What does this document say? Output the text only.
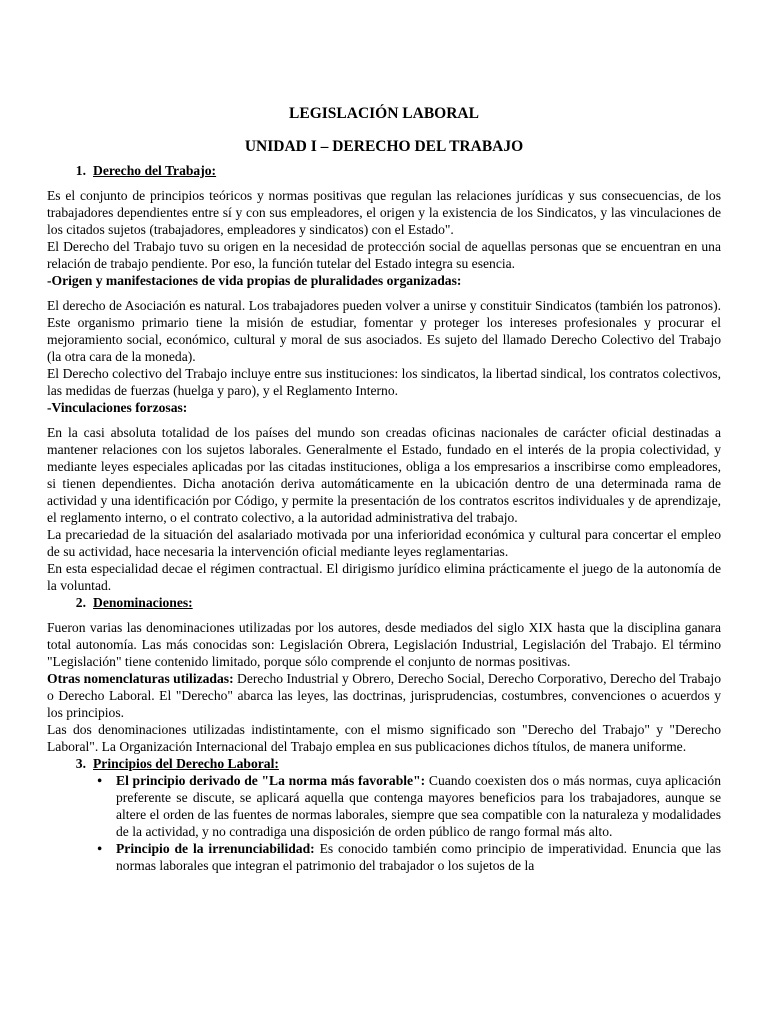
LEGISLACIÓN LABORAL
UNIDAD I – DERECHO DEL TRABAJO
1. Derecho del Trabajo:

Es el conjunto de principios teóricos y normas positivas que regulan las relaciones jurídicas y sus consecuencias, de los trabajadores dependientes entre sí y con sus empleadores, el origen y la existencia de los Sindicatos, y las vinculaciones de los citados sujetos (trabajadores, empleadores y sindicatos) con el Estado".

El Derecho del Trabajo tuvo su origen en la necesidad de protección social de aquellas personas que se encuentran en una relación de trabajo pendiente. Por eso, la función tutelar del Estado integra su esencia.

-Origen y manifestaciones de vida propias de pluralidades organizadas:

El derecho de Asociación es natural. Los trabajadores pueden volver a unirse y constituir Sindicatos (también los patronos). Este organismo primario tiene la misión de estudiar, fomentar y proteger los intereses profesionales y procurar el mejoramiento social, económico, cultural y moral de sus asociados. Es sujeto del llamado Derecho Colectivo del Trabajo (la otra cara de la moneda).

El Derecho colectivo del Trabajo incluye entre sus instituciones: los sindicatos, la libertad sindical, los contratos colectivos, las medidas de fuerzas (huelga y paro), y el Reglamento Interno.

-Vinculaciones forzosas:

En la casi absoluta totalidad de los países del mundo son creadas oficinas nacionales de carácter oficial destinadas a mantener relaciones con los sujetos laborales. Generalmente el Estado, fundado en el interés de la propia colectividad, y mediante leyes especiales aplicadas por las citadas instituciones, obliga a los empresarios a inscribirse como empleadores, si tienen dependientes. Dicha anotación deriva automáticamente en la ubicación dentro de una determinada rama de actividad y una identificación por Código, y permite la presentación de los contratos escritos individuales y de aprendizaje, el reglamento interno, o el contrato colectivo, a la autoridad administrativa del trabajo.

La precariedad de la situación del asalariado motivada por una inferioridad económica y cultural para concertar el empleo de su actividad, hace necesaria la intervención oficial mediante leyes reglamentarias.

En esta especialidad decae el régimen contractual. El dirigismo jurídico elimina prácticamente el juego de la autonomía de la voluntad.

2. Denominaciones:

Fueron varias las denominaciones utilizadas por los autores, desde mediados del siglo XIX hasta que la disciplina ganara total autonomía. Las más conocidas son: Legislación Obrera, Legislación Industrial, Legislación del Trabajo. El término "Legislación" tiene contenido limitado, porque sólo comprende el conjunto de normas positivas.

Otras nomenclaturas utilizadas: Derecho Industrial y Obrero, Derecho Social, Derecho Corporativo, Derecho del Trabajo o Derecho Laboral. El "Derecho" abarca las leyes, las doctrinas, jurisprudencias, costumbres, convenciones o acuerdos y los principios.

Las dos denominaciones utilizadas indistintamente, con el mismo significado son "Derecho del Trabajo" y "Derecho Laboral". La Organización Internacional del Trabajo emplea en sus publicaciones dichos títulos, de manera uniforme.

3. Principios del Derecho Laboral:
•	El principio derivado de "La norma más favorable": Cuando coexisten dos o más normas, cuya aplicación preferente se discute, se aplicará aquella que contenga mayores beneficios para los trabajadores, aunque se altere el orden de las fuentes de normas laborales, siempre que sea compatible con la naturaleza y modalidades de la actividad, y no contradiga una disposición de orden público de rango formal más alto.
•	Principio de la irrenunciabilidad: Es conocido también como principio de imperatividad. Enuncia que las normas laborales que integran el patrimonio del trabajador o los sujetos de la
